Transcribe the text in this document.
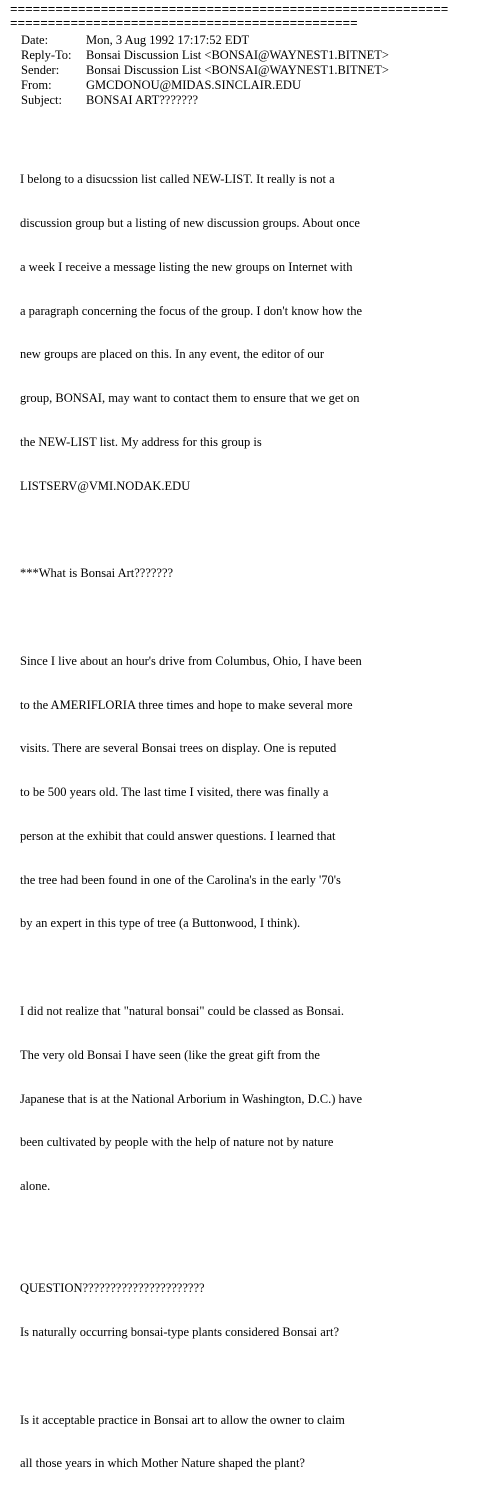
==========================================================
==============================================
Date:	Mon, 3 Aug 1992 17:17:52 EDT
Reply-To: Bonsai Discussion List <BONSAI@WAYNEST1.BITNET>
Sender: Bonsai Discussion List <BONSAI@WAYNEST1.BITNET>
From:	GMCDONOU@MIDAS.SINCLAIR.EDU
Subject: BONSAI ART???????

I belong to a disucssion list called NEW-LIST. It really is not a

discussion group but a listing of new discussion groups. About once

a week I receive a message listing the new groups on Internet with

a paragraph concerning the focus of the group. I don't know how the

new groups are placed on this. In any event, the editor of our

group, BONSAI, may want to contact them to ensure that we get on

the NEW-LIST list. My address for this group is

LISTSERV@VMI.NODAK.EDU

***What is Bonsai Art???????

Since I live about an hour's drive from Columbus, Ohio, I have been

to the AMERIFLORIA three times and hope to make several more

visits. There are several Bonsai trees on display. One is reputed

to be 500 years old. The last time I visited, there was finally a

person at the exhibit that could answer questions. I learned that

the tree had been found in one of the Carolina's in the early '70's

by an expert in this type of tree (a Buttonwood, I think).

I did not realize that "natural bonsai" could be classed as Bonsai.

The very old Bonsai I have seen (like the great gift from the

Japanese that is at the National Arborium in Washington, D.C.) have

been cultivated by people with the help of nature not by nature

alone.

QUESTION??????????????????????

Is naturally occurring bonsai-type plants considered Bonsai art?

Is it acceptable practice in Bonsai art to allow the owner to claim

all those years in which Mother Nature shaped the plant?
